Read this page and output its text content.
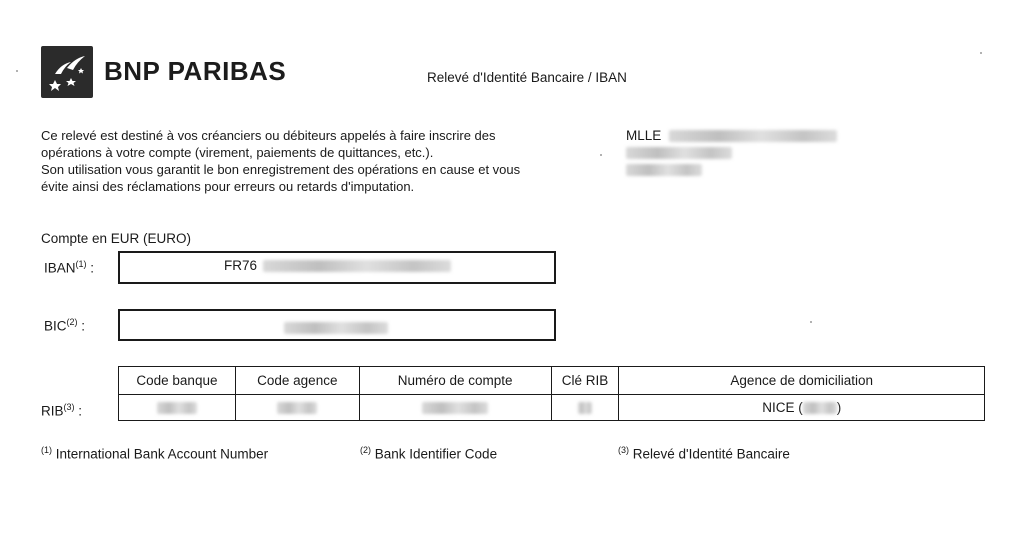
BNP PARIBAS	Relevé d'Identité Bancaire / IBAN
Ce relevé est destiné à vos créanciers ou débiteurs appelés à faire inscrire des
opérations à votre compte (virement, paiements de quittances, etc.).
Son utilisation vous garantit le bon enregistrement des opérations en cause et vous
évite ainsi des réclamations pour erreurs ou retards d'imputation.
MLLE
Compte en EUR (EURO)
IBAN$^{(1)}$ :	FR76
BIC$^{(2)}$ :
RIB$^{(3)}$ :
Code banque	Code agence	Numéro de compte	Clé RIB	Agence de domiciliation
				NICE ( )
$^{(1)}$ International Bank Account Number	$^{(2)}$ Bank Identifier Code	$^{(3)}$ Relevé d'Identité Bancaire
